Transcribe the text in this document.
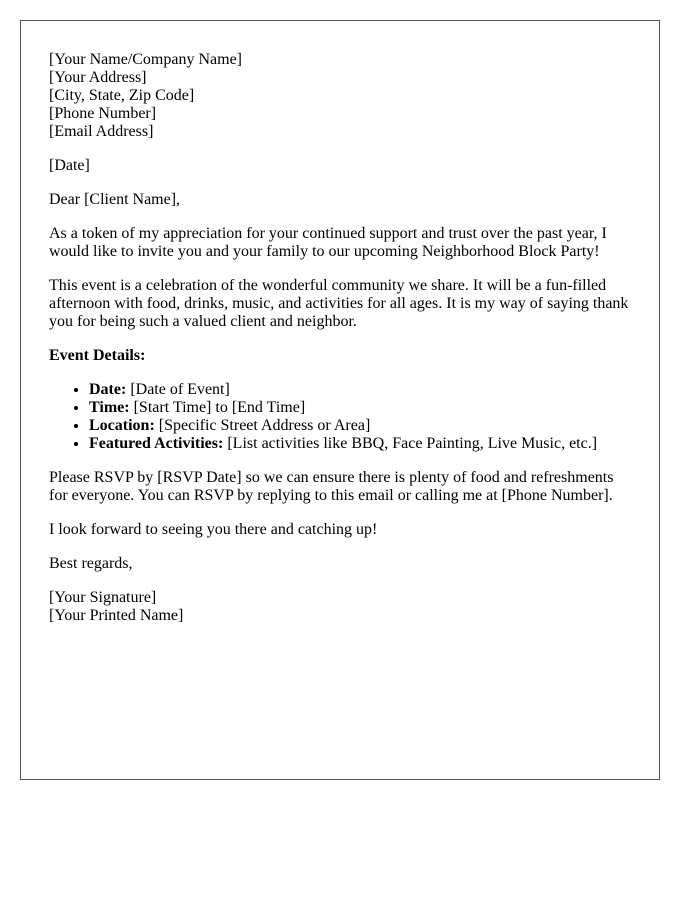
[Your Name/Company Name]
[Your Address]
[City, State, Zip Code]
[Phone Number]
[Email Address]

[Date]

Dear [Client Name],

As a token of my appreciation for your continued support and trust over the past year, I would like to invite you and your family to our upcoming Neighborhood Block Party!

This event is a celebration of the wonderful community we share. It will be a fun-filled afternoon with food, drinks, music, and activities for all ages. It is my way of saying thank you for being such a valued client and neighbor.

Event Details:

• Date: [Date of Event]
• Time: [Start Time] to [End Time]
• Location: [Specific Street Address or Area]
• Featured Activities: [List activities like BBQ, Face Painting, Live Music, etc.]

Please RSVP by [RSVP Date] so we can ensure there is plenty of food and refreshments for everyone. You can RSVP by replying to this email or calling me at [Phone Number].

I look forward to seeing you there and catching up!

Best regards,

[Your Signature]
[Your Printed Name]
